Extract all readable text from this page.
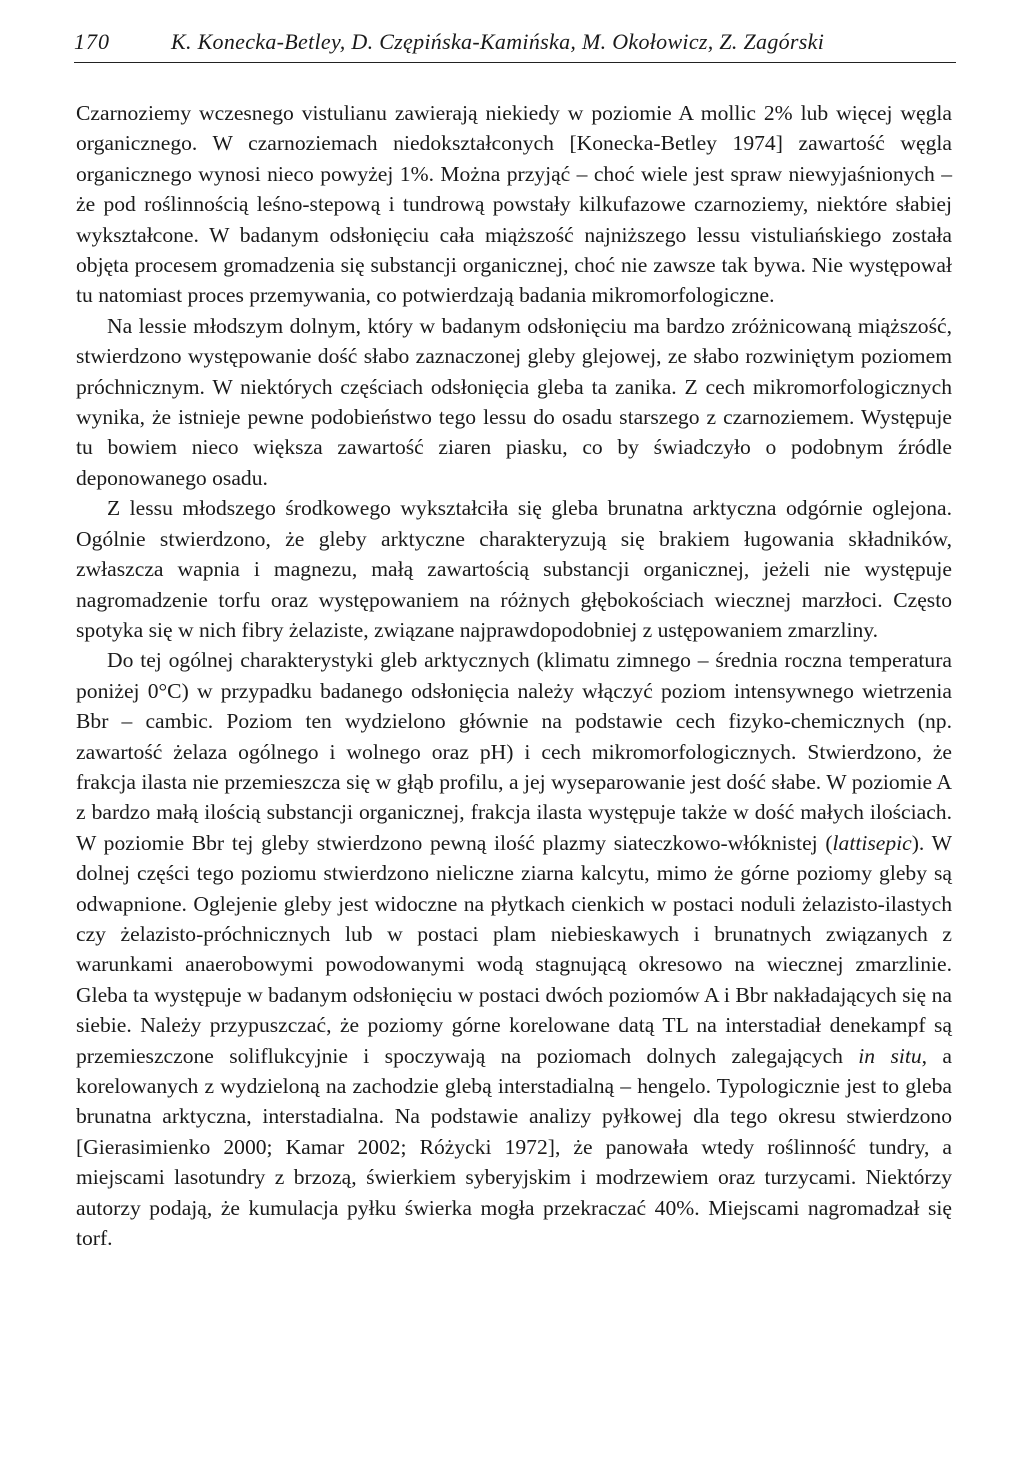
170	K. Konecka-Betley, D. Czępińska-Kamińska, M. Okołowicz, Z. Zagórski

Czarnoziemy wczesnego vistulianu zawierają niekiedy w poziomie A mollic 2% lub więcej węgla organicznego. W czarnoziemach niedokształconych [Konecka-Betley 1974] zawartość węgla organicznego wynosi nieco powyżej 1%. Można przyjąć – choć wiele jest spraw niewyjaśnionych – że pod roślinnością leśno-stepową i tundrową powstały kilkufazowe czarnoziemy, niektóre słabiej wykształcone. W badanym odsłonięciu cała miąższość najniższego lessu vistuliańskiego została objęta procesem gromadzenia się substancji organicznej, choć nie zawsze tak bywa. Nie występował tu natomiast proces przemywania, co potwierdzają badania mikromorfologiczne.

Na lessie młodszym dolnym, który w badanym odsłonięciu ma bardzo zróżnicowaną miąższość, stwierdzono występowanie dość słabo zaznaczonej gleby glejowej, ze słabo rozwiniętym poziomem próchnicznym. W niektórych częściach odsłonięcia gleba ta zanika. Z cech mikromorfologicznych wynika, że istnieje pewne podobieństwo tego lessu do osadu starszego z czarnoziemem. Występuje tu bowiem nieco większa zawartość ziaren piasku, co by świadczyło o podobnym źródle deponowanego osadu.

Z lessu młodszego środkowego wykształciła się gleba brunatna arktyczna odgórnie oglejona. Ogólnie stwierdzono, że gleby arktyczne charakteryzują się brakiem ługowania składników, zwłaszcza wapnia i magnezu, małą zawartością substancji organicznej, jeżeli nie występuje nagromadzenie torfu oraz występowaniem na różnych głębokościach wiecznej marzłoci. Często spotyka się w nich fibry żelaziste, związane najprawdopodobniej z ustępowaniem zmarzliny.

Do tej ogólnej charakterystyki gleb arktycznych (klimatu zimnego – średnia roczna temperatura poniżej 0°C) w przypadku badanego odsłonięcia należy włączyć poziom intensywnego wietrzenia Bbr – cambic. Poziom ten wydzielono głównie na podstawie cech fizyko-chemicznych (np. zawartość żelaza ogólnego i wolnego oraz pH) i cech mikromorfologicznych. Stwierdzono, że frakcja ilasta nie przemieszcza się w głąb profilu, a jej wyseparowanie jest dość słabe. W poziomie A z bardzo małą ilością substancji organicznej, frakcja ilasta występuje także w dość małych ilościach. W poziomie Bbr tej gleby stwierdzono pewną ilość plazmy siateczkowo-włóknistej (lattisepic). W dolnej części tego poziomu stwierdzono nieliczne ziarna kalcytu, mimo że górne poziomy gleby są odwapnione. Oglejenie gleby jest widoczne na płytkach cienkich w postaci noduli żelazisto-ilastych czy żelazisto-próchnicznych lub w postaci plam niebieskawych i brunatnych związanych z warunkami anaerobowymi powodowanymi wodą stagnującą okresowo na wiecznej zmarzlinie. Gleba ta występuje w badanym odsłonięciu w postaci dwóch poziomów A i Bbr nakładających się na siebie. Należy przypuszczać, że poziomy górne korelowane datą TL na interstadiał denekampf są przemieszczone soliflukcyjnie i spoczywają na poziomach dolnych zalegających in situ, a korelowanych z wydzieloną na zachodzie glebą interstadialną – hengelo. Typologicznie jest to gleba brunatna arktyczna, interstadialna. Na podstawie analizy pyłkowej dla tego okresu stwierdzono [Gierasimienko 2000; Kamar 2002; Różycki 1972], że panowała wtedy roślinność tundry, a miejscami lasotundry z brzozą, świerkiem syberyjskim i modrzewiem oraz turzycami. Niektórzy autorzy podają, że kumulacja pyłku świerka mogła przekraczać 40%. Miejscami nagromadzał się torf.
